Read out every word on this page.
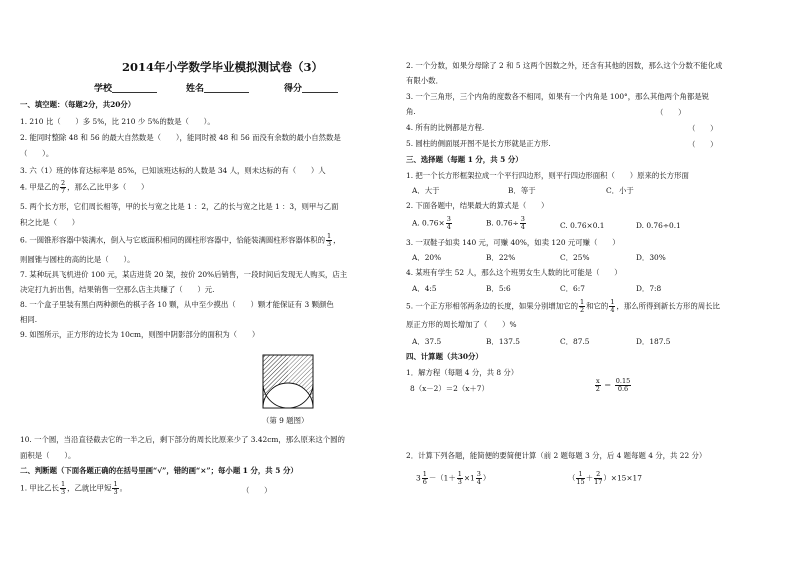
2014年小学数学毕业模拟测试卷（3）
学校__________	姓名__________	得分________
一、填空题：（每题2分，共20分）
1. 210 比（　　）多 5%，比 210 少 5%的数是（　　）。
2. 能同时整除 48 和 56 的最大自然数是（　　），能同时被 48 和 56 而没有余数的最小自然数是
（　　）。
3. 六（1）班的体育达标率是 85%，已知该班达标的人数是 34 人，则未达标的有（　　）人
4. 甲是乙的 $\frac{2}{7}$ ，那么乙比甲多（　　）
5. 两个长方形，它们周长相等，甲的长与宽之比是 1 ：2，乙的长与宽之比是 1 ：3，则甲与乙面
积之比是（　　）
6. 一圆锥形容器中装满水，倒入与它底面积相同的圆柱形容器中，恰能装满圆柱形容器体积的 $\frac{1}{3}$ ，
则圆锥与圆柱的高的比是（　　）。
7. 某种玩具飞机进价 100 元，某店进货 20 架，按价 20%后销售，一段时间后发现无人购买，店主
决定打九折出售，结果销售一空那么店主共赚了（　　）元.
8. 一个盒子里装有黑白两种颜色的棋子各 10 颗，从中至少摸出（　　）颗才能保证有 3 颗颜色
相同.
9. 如图所示，正方形的边长为 10cm，则图中阴影部分的面积为（　　）
（第 9 题图）
10. 一个圆，当沿直径截去它的一半之后，剩下部分的周长比原来少了 3.42cm，那么原来这个圆的
面积是（　　）。
二、判断题（下面各题正确的在括号里画“√”，错的画“×”；每小题 1 分，共 5 分）
1. 甲比乙长 $\frac{1}{3}$ ，乙就比甲短 $\frac{1}{3}$ 。	（　　）
2. 一个分数，如果分母除了 2 和 5 这两个因数之外，还含有其他的因数，那么这个分数不能化成
有限小数．
3. 一个三角形，三个内角的度数各不相同，如果有一个内角是 100°，那么其他两个角都是锐
角.	（　　）
4. 所有的比例都是方程.	（　　）
5. 圆柱的侧面展开图不是长方形就是正方形.	（　　）
三、选择题（每题 1 分，共 5 分）
1. 把一个长方形框架拉成一个平行四边形，则平行四边形面积（　　）原来的长方形面
A．大于	B．等于	C．小于
2. 下面各题中，结果最大的算式是（　　）
A. $0.76\times \frac{3}{4}$	B. $0.76\div \frac{3}{4}$	C. 0.76×0.1	D. 0.76÷0.1
3. 一双鞋子如卖 140 元，可赚 40%，如卖 120 元可赚（　　）
A．20%	B．22%	C．25%	D．30%
4. 某班有学生 52 人，那么这个班男女生人数的比可能是（　　）
A．4:5	B．5:6	C．6:7	D．7:8
5. 一个正方形相邻两条边的长度，如果分别增加它的 $\frac{1}{2}$ 和它的 $\frac{1}{4}$ ，那么所得到新长方形的周长比
原正方形的周长增加了（　　）%
A．37.5	B．137.5	C．87.5	D．187.5
四、计算题（共30分）
1．解方程（每题 4 分，共 8 分）
8（x－2）＝2（x＋7）	$\frac{x}{2} = \frac{0.15}{0.6}$
2．计算下列各题，能简便的要简便计算（前 2 题每题 3 分，后 4 题每题 4 分，共 22 分）
$3 \frac{1}{6} -(1+ \frac{1}{3} \times 1 \frac{3}{4}$ ）	（ $\frac{1}{15} + \frac{2}{17} )\times 15\times 17$
